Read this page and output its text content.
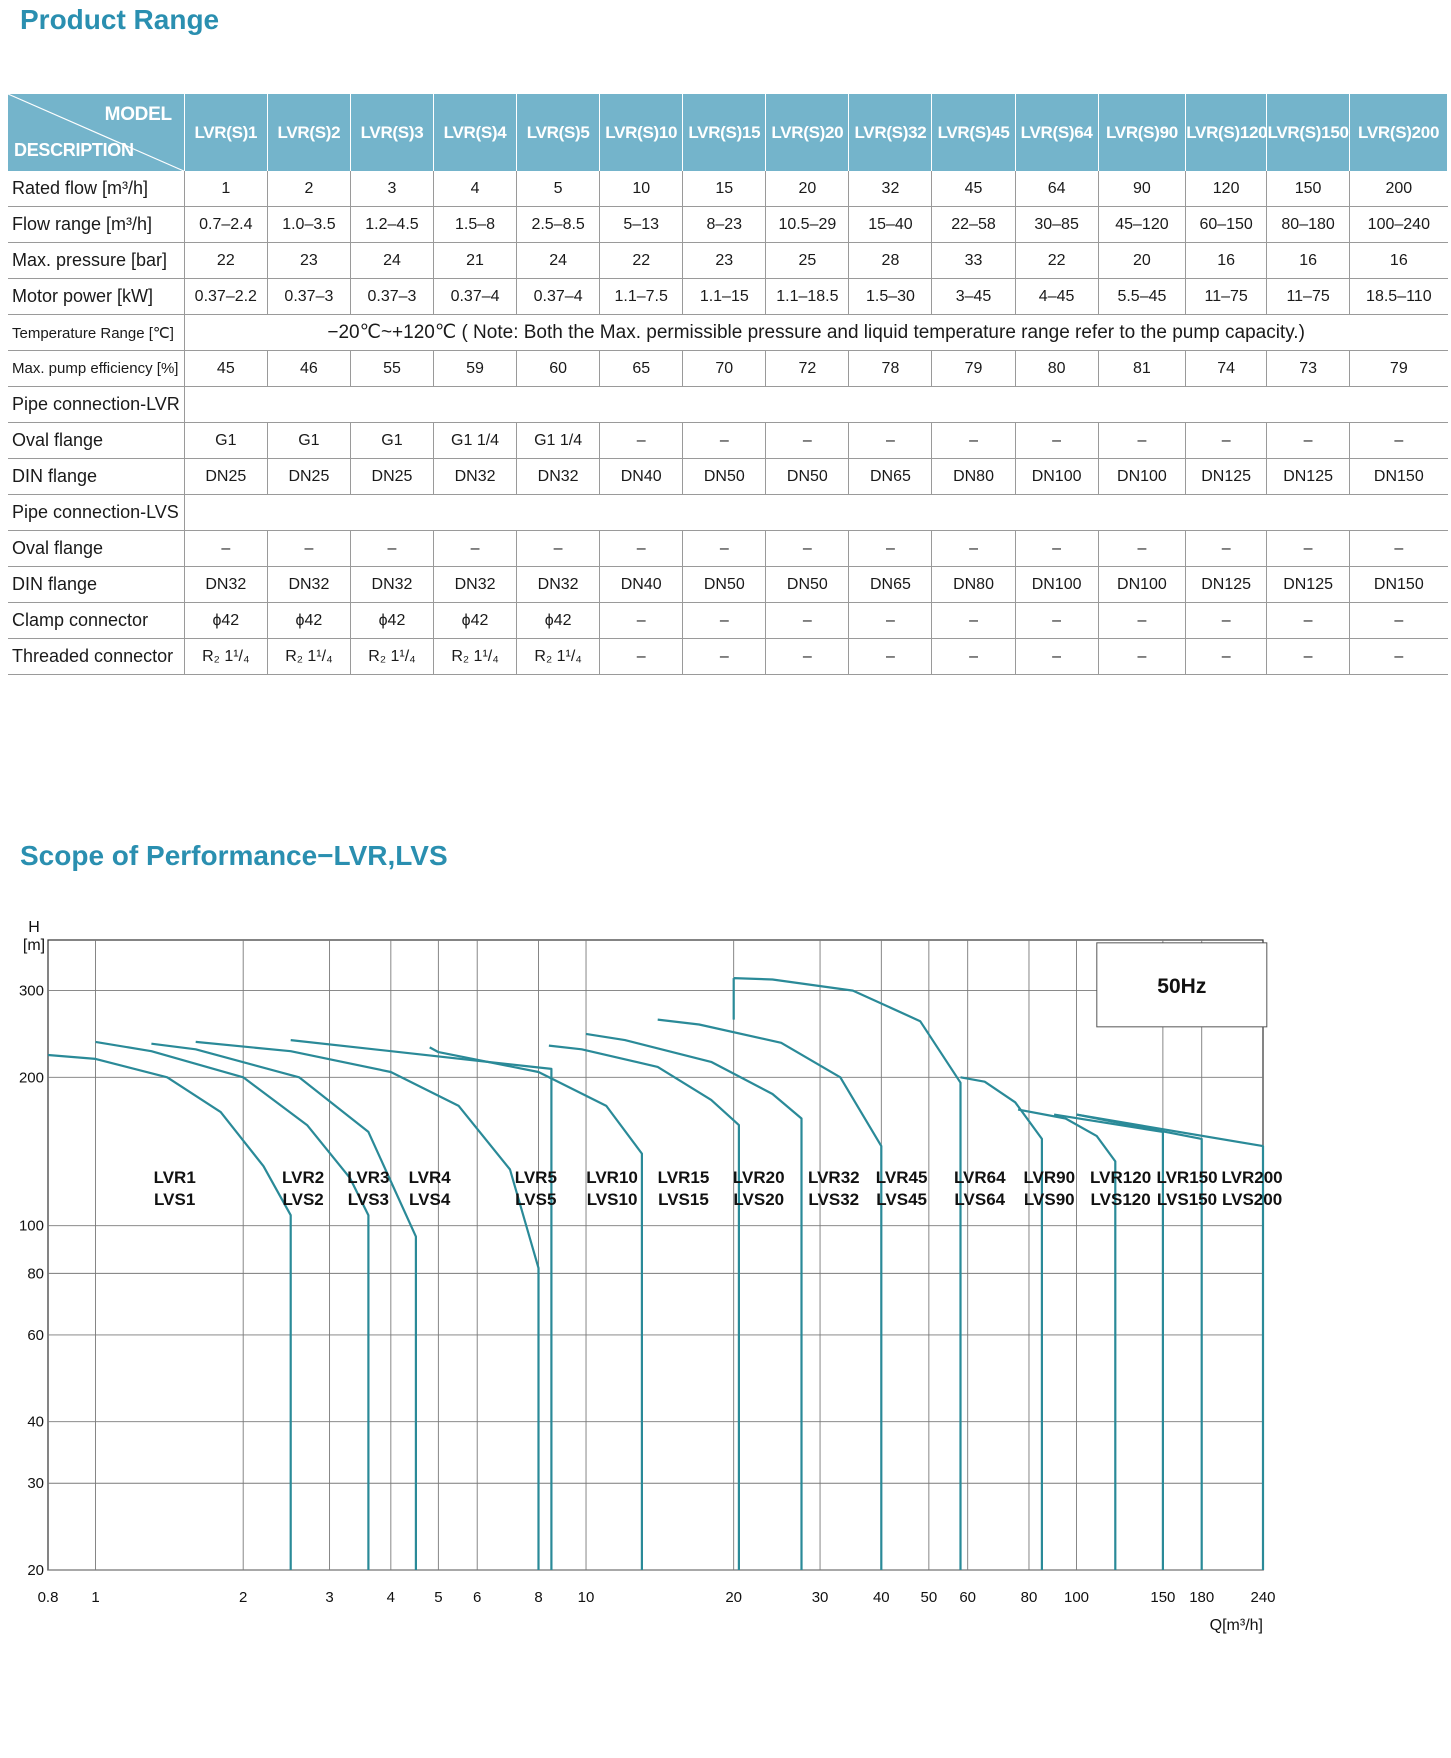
Product Range
MODEL
DESCRIPTION	LVR(S)1	LVR(S)2	LVR(S)3	LVR(S)4	LVR(S)5	LVR(S)10	LVR(S)15	LVR(S)20	LVR(S)32	LVR(S)45	LVR(S)64	LVR(S)90	LVR(S)120	LVR(S)150	LVR(S)200
Rated flow [m³/h]	1	2	3	4	5	10	15	20	32	45	64	90	120	150	200
Flow range [m³/h]	0.7–2.4	1.0–3.5	1.2–4.5	1.5–8	2.5–8.5	5–13	8–23	10.5–29	15–40	22–58	30–85	45–120	60–150	80–180	100–240
Max. pressure [bar]	22	23	24	21	24	22	23	25	28	33	22	20	16	16	16
Motor power [kW]	0.37–2.2	0.37–3	0.37–3	0.37–4	0.37–4	1.1–7.5	1.1–15	1.1–18.5	1.5–30	3–45	4–45	5.5–45	11–75	11–75	18.5–110
Temperature Range [℃]	−20℃~+120℃ ( Note: Both the Max. permissible pressure and liquid temperature range refer to the pump capacity.)														
Max. pump efficiency [%]	45	46	55	59	60	65	70	72	78	79	80	81	74	73	79
Pipe connection-LVR															
Oval flange	G1	G1	G1	G1 1/4	G1 1/4	–	–	–	–	–	–	–	–	–	–
DIN flange	DN25	DN25	DN25	DN32	DN32	DN40	DN50	DN50	DN65	DN80	DN100	DN100	DN125	DN125	DN150
Pipe connection-LVS															
Oval flange	–	–	–	–	–	–	–	–	–	–	–	–	–	–	–
DIN flange	DN32	DN32	DN32	DN32	DN32	DN40	DN50	DN50	DN65	DN80	DN100	DN100	DN125	DN125	DN150
Clamp connector	ϕ42	ϕ42	ϕ42	ϕ42	ϕ42	–	–	–	–	–	–	–	–	–	–
Threaded connector	R₂ 1¹/₄	R₂ 1¹/₄	R₂ 1¹/₄	R₂ 1¹/₄	R₂ 1¹/₄	–	–	–	–	–	–	–	–	–	–
Scope of Performance−LVR,LVS
50Hz
LVR1
LVS1
LVR2
LVS2
LVR3
LVS3
LVR4
LVS4
LVR5
LVS5
LVR10
LVS10
LVR15
LVS15
LVR20
LVS20
LVR32
LVS32
LVR45
LVS45
LVR64
LVS64
LVR90
LVS90
LVR120
LVS120
LVR150
LVS150
LVR200
LVS200
0.8 1	2	3	4	5 6	8 10	20	30	40 50 60	80 100	150 180 240
20
30
40
60
80
100
200
300
H
[m]
Q[m³/h]
